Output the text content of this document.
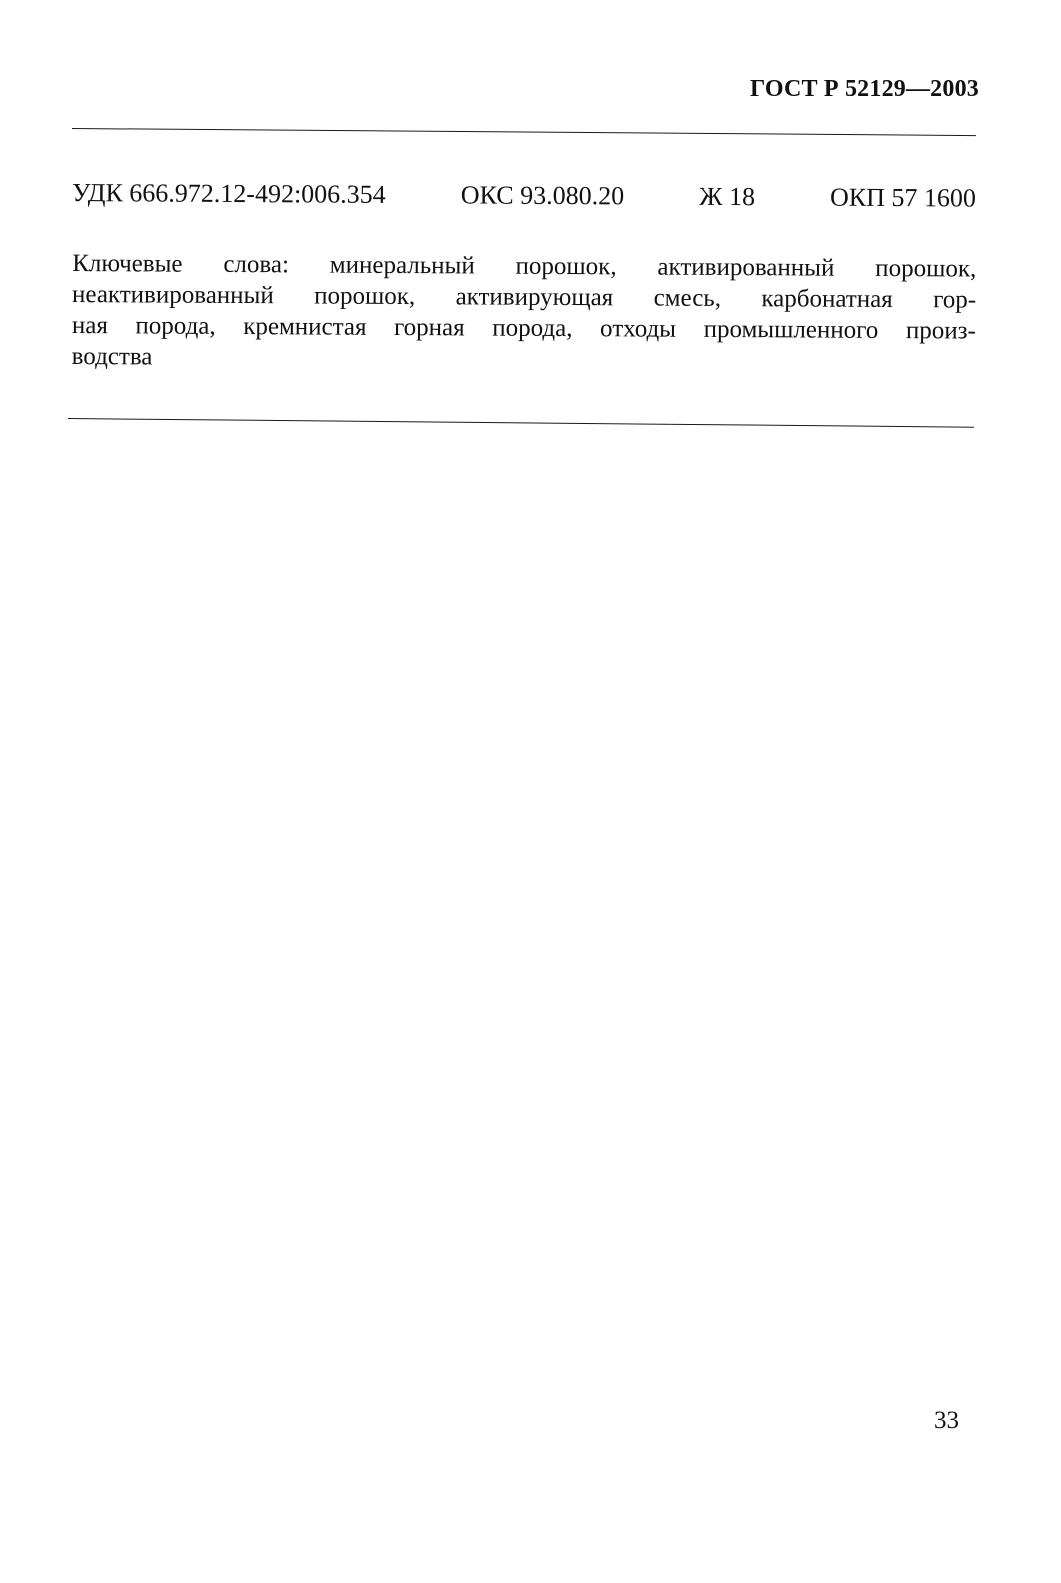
ГОСТ Р 52129—2003
УДК 666.972.12-492:006.354	ОКС 93.080.20	Ж 18	ОКП 57 1600
Ключевые слова: минеральный порошок, активированный порошок,
неактивированный порошок, активирующая смесь, карбонатная гор-
ная порода, кремнистая горная порода, отходы промышленного произ-
водства
33
